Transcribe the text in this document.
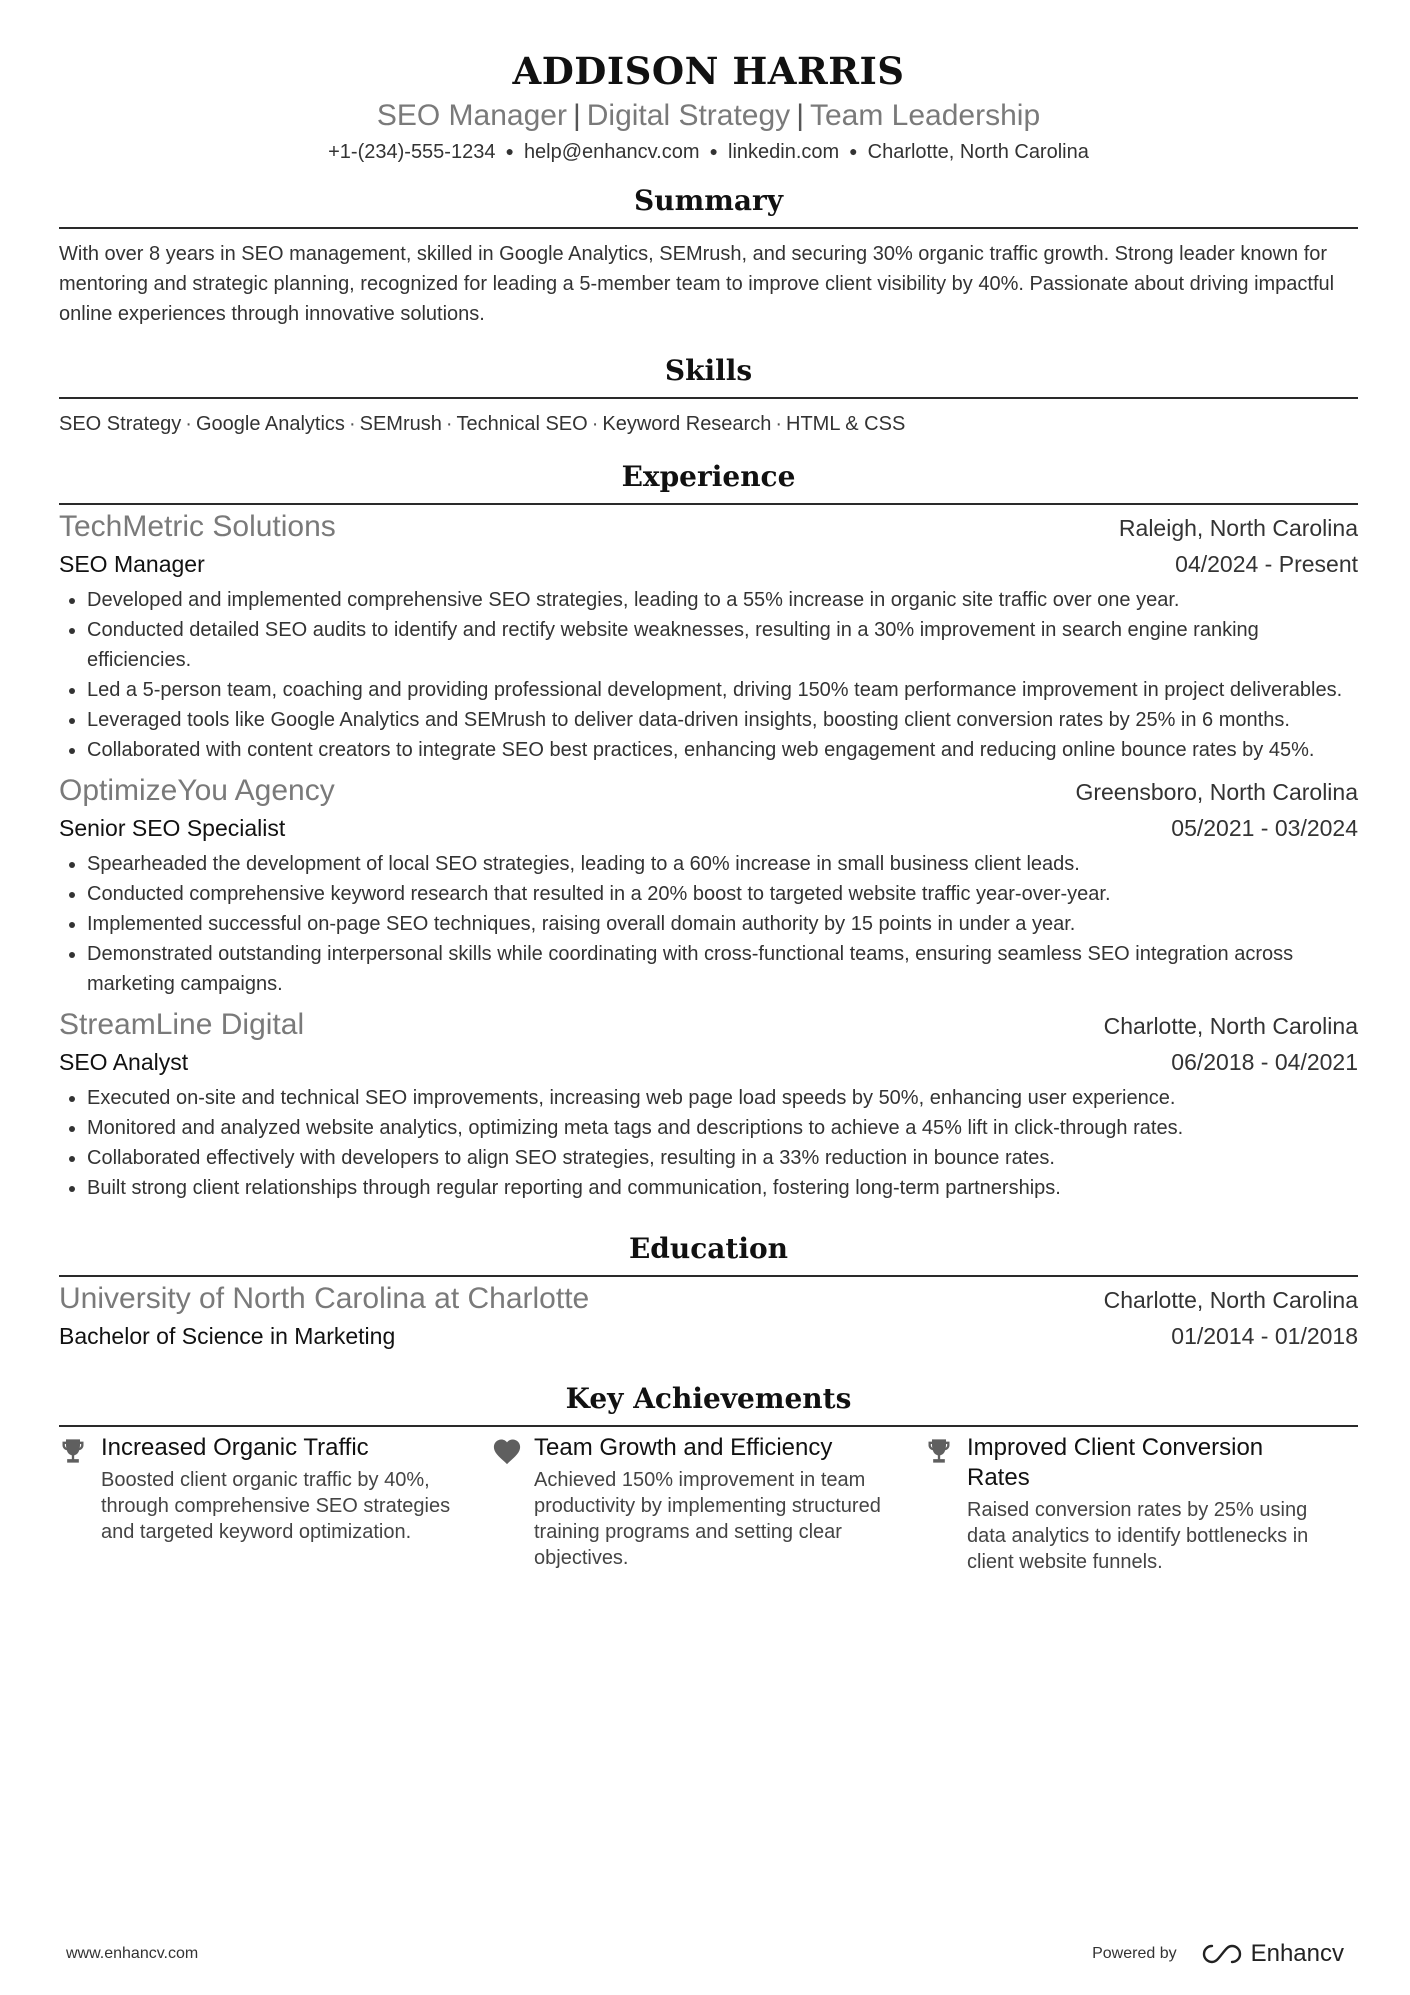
ADDISON HARRIS
SEO Manager | Digital Strategy | Team Leadership
+1-(234)-555-1234 ● help@enhancv.com ● linkedin.com ● Charlotte, North Carolina
Summary

With over 8 years in SEO management, skilled in Google Analytics, SEMrush, and securing 30% organic traffic growth. Strong leader known for mentoring and strategic planning, recognized for leading a 5-member team to improve client visibility by 40%. Passionate about driving impactful online experiences through innovative solutions.

Skills
SEO Strategy · Google Analytics · SEMrush · Technical SEO · Keyword Research · HTML & CSS
Experience
TechMetric Solutions	Raleigh, North Carolina
SEO Manager	04/2024 - Present
• Developed and implemented comprehensive SEO strategies, leading to a 55% increase in organic site traffic over one year.
• Conducted detailed SEO audits to identify and rectify website weaknesses, resulting in a 30% improvement in search engine ranking efficiencies.
• Led a 5-person team, coaching and providing professional development, driving 150% team performance improvement in project deliverables.
• Leveraged tools like Google Analytics and SEMrush to deliver data-driven insights, boosting client conversion rates by 25% in 6 months.
• Collaborated with content creators to integrate SEO best practices, enhancing web engagement and reducing online bounce rates by 45%.
OptimizeYou Agency	Greensboro, North Carolina
Senior SEO Specialist	05/2021 - 03/2024
• Spearheaded the development of local SEO strategies, leading to a 60% increase in small business client leads.
• Conducted comprehensive keyword research that resulted in a 20% boost to targeted website traffic year-over-year.
• Implemented successful on-page SEO techniques, raising overall domain authority by 15 points in under a year.
• Demonstrated outstanding interpersonal skills while coordinating with cross-functional teams, ensuring seamless SEO integration across marketing campaigns.
StreamLine Digital	Charlotte, North Carolina
SEO Analyst	06/2018 - 04/2021
• Executed on-site and technical SEO improvements, increasing web page load speeds by 50%, enhancing user experience.
• Monitored and analyzed website analytics, optimizing meta tags and descriptions to achieve a 45% lift in click-through rates.
• Collaborated effectively with developers to align SEO strategies, resulting in a 33% reduction in bounce rates.
• Built strong client relationships through regular reporting and communication, fostering long-term partnerships.
Education
University of North Carolina at Charlotte	Charlotte, North Carolina
Bachelor of Science in Marketing	01/2014 - 01/2018
Key Achievements
Increased Organic Traffic
Boosted client organic traffic by 40%, through comprehensive SEO strategies and targeted keyword optimization.
Team Growth and Efficiency
Achieved 150% improvement in team productivity by implementing structured training programs and setting clear objectives.
Improved Client Conversion Rates
Raised conversion rates by 25% using data analytics to identify bottlenecks in client website funnels.
www.enhancv.com	Powered by	Enhancv
